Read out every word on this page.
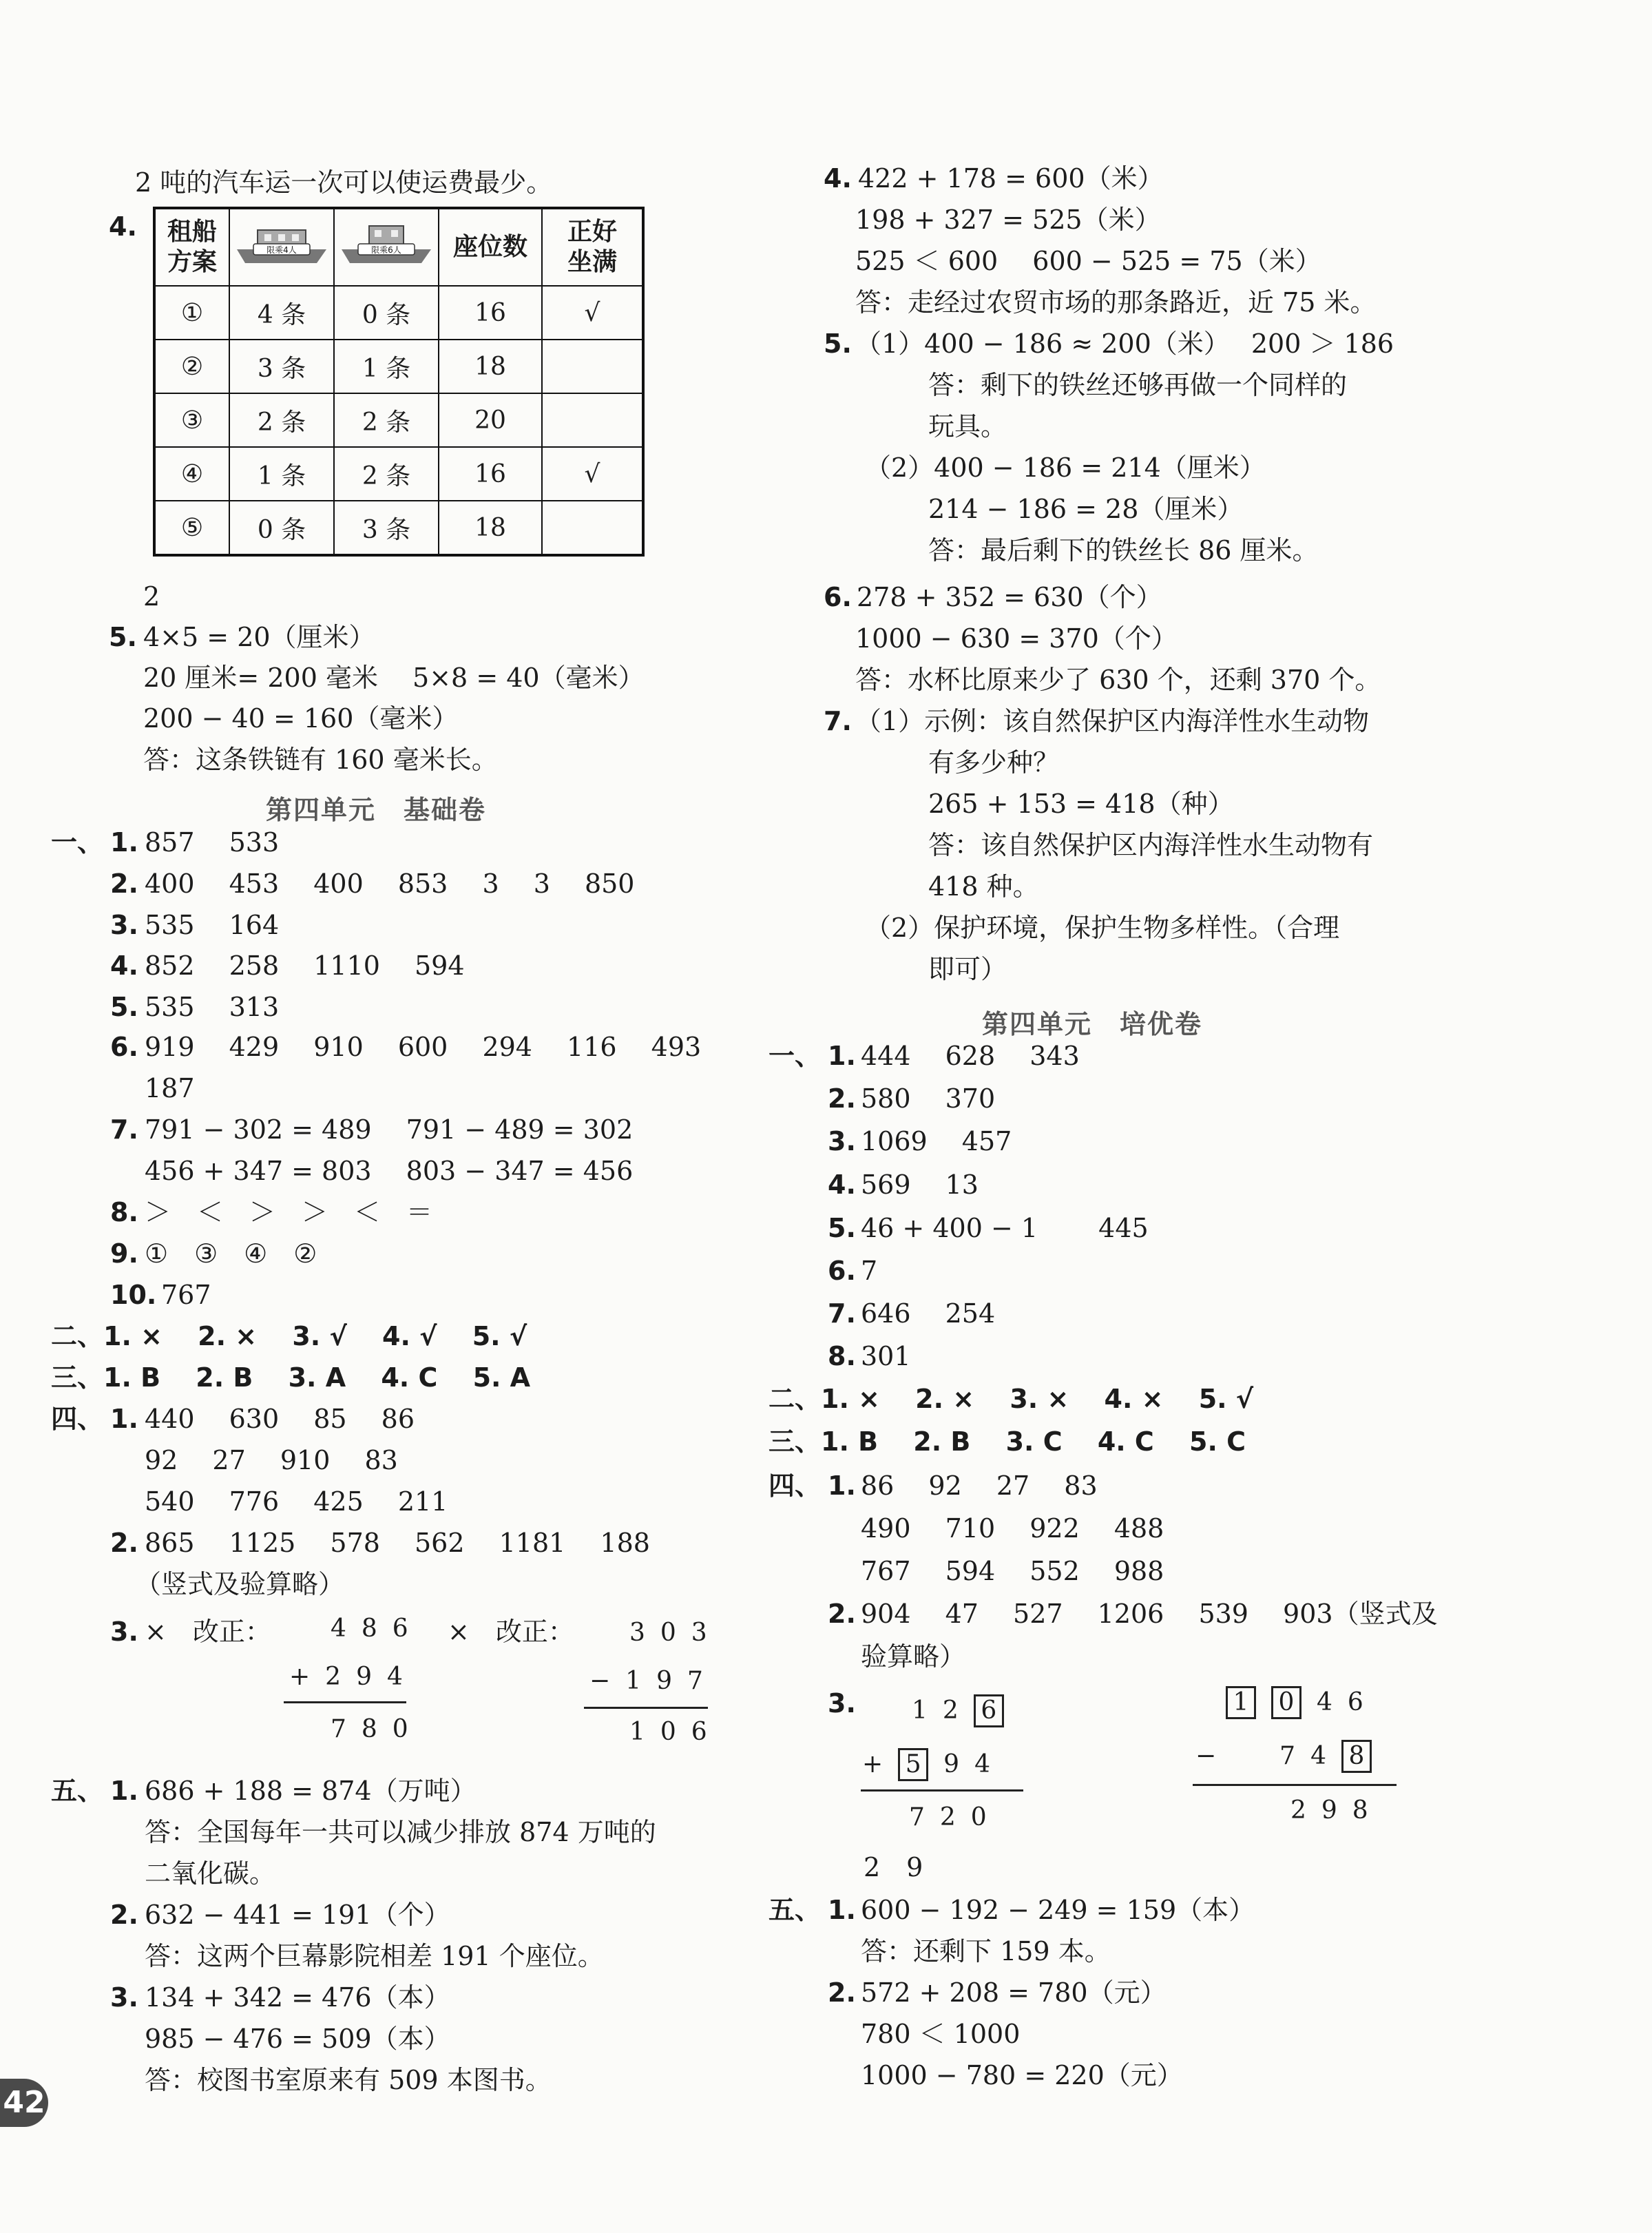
2 吨的汽车运一次可以使运费最少。
4. 租船
方案	限乘4人	限乘6人	座位数	正好
坐满
①	4 条	0 条	16	√
②	3 条	1 条	18	
③	2 条	2 条	20	
④	1 条	2 条	16	√
⑤	0 条	3 条	18	
2
5. 4×5 = 20（厘米）
20 厘米= 200 毫米　 5×8 = 40（毫米）
200 − 40 = 160（毫米）
答：这条铁链有 160 毫米长。
第四单元　基础卷
一、 1. 857　 533
2. 400　 453　 400　 853　 3　 3　 850
3. 535　 164
4. 852　 258　 1110　 594
5. 535　 313
6. 919　 429　 910　 600　 294　 116　 493
187
7. 791 − 302 = 489　 791 − 489 = 302
456 + 347 = 803　 803 − 347 = 456
8. ＞　＜　＞　＞　＜　＝
9. ①　③　④　②
10. 767
二、1. ×　 2. ×　 3. √　 4. √　 5. √
三、1. B　 2. B　 3. A　 4. C　 5. A
四、 1. 440　 630　 85　 86
92　 27　 910　 83
540　 776　 425　 211
2. 865　 1125　 578　 562　 1181　 188
（竖式及验算略）
3. ×　改正：	×　改正：
486
+294
780
303
−197
106
五、 1. 686 + 188 = 874（万吨）
答：全国每年一共可以减少排放 874 万吨的
二氧化碳。
2. 632 − 441 = 191（个）
答：这两个巨幕影院相差 191 个座位。
3. 134 + 342 = 476（本）
985 − 476 = 509（本）
答：校图书室原来有 509 本图书。
4. 422 + 178 = 600（米）
198 + 327 = 525（米）
525 ＜ 600　 600 − 525 = 75（米）
答：走经过农贸市场的那条路近，近 75 米。
5. （1）400 − 186 ≈ 200（米）　 200 ＞ 186
答：剩下的铁丝还够再做一个同样的
玩具。
（2）400 − 186 = 214（厘米）
214 − 186 = 28（厘米）
答：最后剩下的铁丝长 86 厘米。
6. 278 + 352 = 630（个）
1000 − 630 = 370（个）
答：水杯比原来少了 630 个，还剩 370 个。
7. （1）示例：该自然保护区内海洋性水生动物
有多少种？
265 + 153 = 418（种）
答：该自然保护区内海洋性水生动物有
418 种。
（2）保护环境，保护生物多样性。（合理
即可）
第四单元　培优卷
一、 1. 444　 628　 343
2. 580　 370
3. 1069　 457
4. 569　 13
5. 46 + 400 − 1　　 445
6. 7
7. 646　 254
8. 301
二、1. ×　 2. ×　 3. ×　 4. ×　 5. √
三、1. B　 2. B　 3. C　 4. C　 5. C
四、 1. 86　 92　 27　 83
490　 710　 922　 488
767　 594　 552　 988
2. 904　 47　 527　 1206　 539　 903（竖式及
验算略）
3. 12 6
+ 5 94
720
2　9
1 0 46
− 74 8
298
五、 1. 600 − 192 − 249 = 159（本）
答：还剩下 159 本。
2. 572 + 208 = 780（元）
780 ＜ 1000
1000 − 780 = 220（元）
42
